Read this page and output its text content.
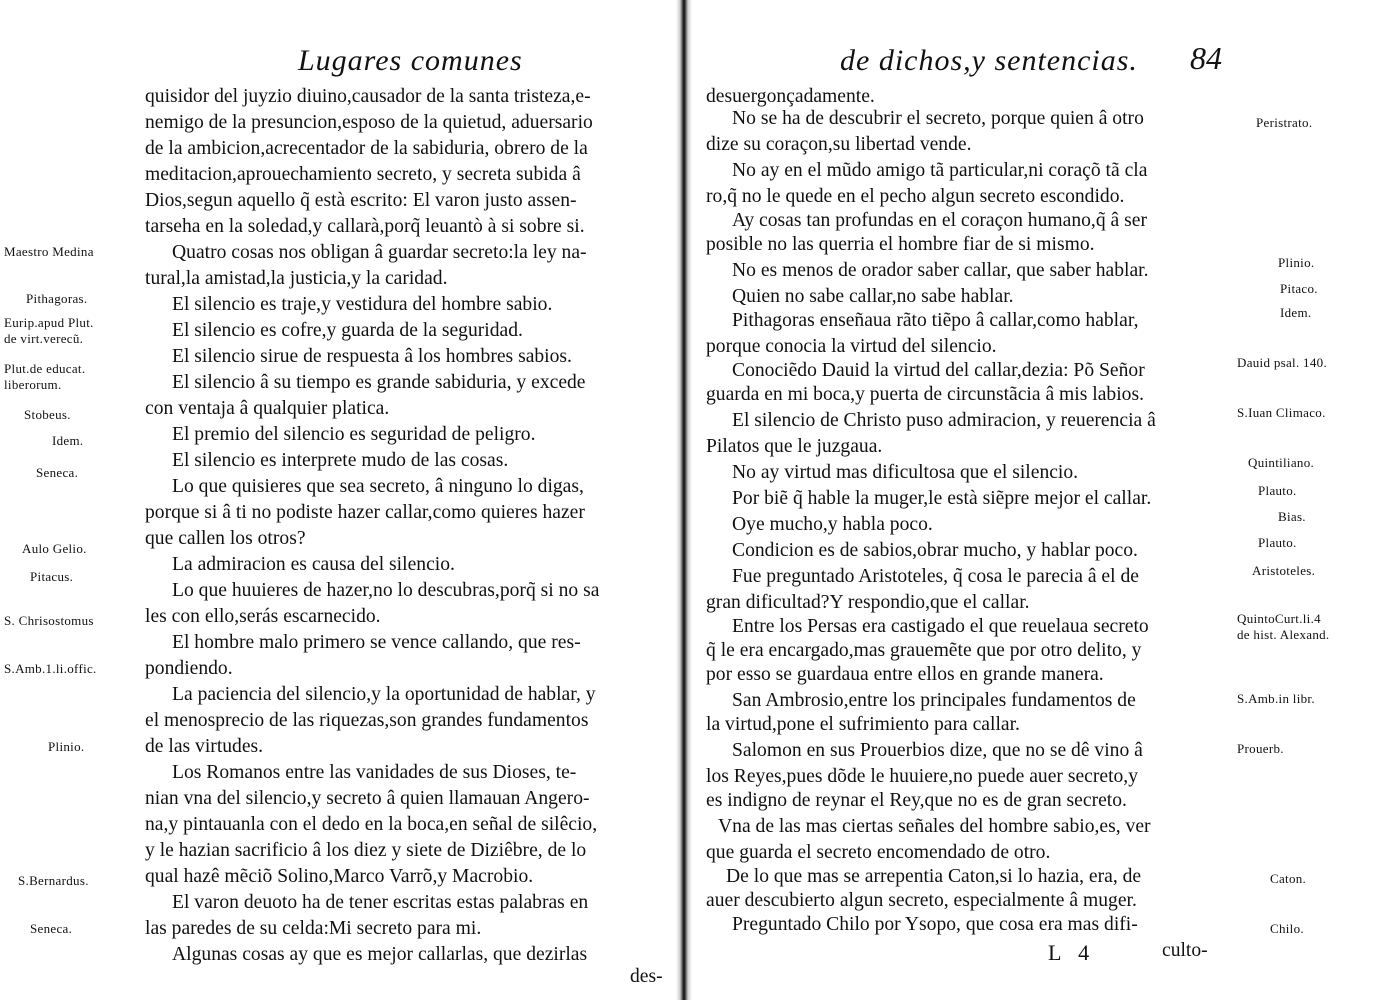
Lugares comunes
quisidor del juyzio diuino,causador de la santa tristeza,e-
nemigo de la presuncion,esposo de la quietud, aduersario
de la ambicion,acrecentador de la sabiduria, obrero de la
meditacion,aprouechamiento secreto, y secreta subida â
Dios,segun aquello q̃ està escrito: El varon justo assen-
tarseha en la soledad,y callarà,porq̃ leuantò à si sobre si.
Quatro cosas nos obligan â guardar secreto:la ley na-
tural,la amistad,la justicia,y la caridad.
El silencio es traje,y vestidura del hombre sabio.
El silencio es cofre,y guarda de la seguridad.
El silencio sirue de respuesta â los hombres sabios.
El silencio â su tiempo es grande sabiduria, y excede
con ventaja â qualquier platica.
El premio del silencio es seguridad de peligro.
El silencio es interprete mudo de las cosas.
Lo que quisieres que sea secreto, â ninguno lo digas,
porque si â ti no podiste hazer callar,como quieres hazer
que callen los otros?
La admiracion es causa del silencio.
Lo que huuieres de hazer,no lo descubras,porq̃ si no sa
les con ello,serás escarnecido.
El hombre malo primero se vence callando, que res-
pondiendo.
La paciencia del silencio,y la oportunidad de hablar, y
el menosprecio de las riquezas,son grandes fundamentos
de las virtudes.
Los Romanos entre las vanidades de sus Dioses, te-
nian vna del silencio,y secreto â quien llamauan Angero-
na,y pintauanla con el dedo en la boca,en señal de silêcio,
y le hazian sacrificio â los diez y siete de Diziêbre, de lo
qual hazê mẽciõ Solino,Marco Varrõ,y Macrobio.
El varon deuoto ha de tener escritas estas palabras en
las paredes de su celda:Mi secreto para mi.
Algunas cosas ay que es mejor callarlas, que dezirlas
des-
Maestro Medina
Pithagoras.
Eurip.apud Plut.
de virt.verecũ.
Plut.de educat.
liberorum.
Stobeus.
Idem.
Seneca.
Aulo Gelio.
Pitacus.
S. Chrisostomus
S.Amb.1.li.offic.
Plinio.
S.Bernardus.
Seneca.
de dichos,y sentencias. 84
desuergonçadamente.
No se ha de descubrir el secreto, porque quien â otro
dize su coraçon,su libertad vende.
No ay en el mũdo amigo tã particular,ni coraçõ tã cla
ro,q̃ no le quede en el pecho algun secreto escondido.
Ay cosas tan profundas en el coraçon humano,q̃ â ser
posible no las querria el hombre fiar de si mismo.
No es menos de orador saber callar, que saber hablar.
Quien no sabe callar,no sabe hablar.
Pithagoras enseñaua rãto tiẽpo â callar,como hablar,
porque conocia la virtud del silencio.
Conociẽdo Dauid la virtud del callar,dezia: Põ Señor
guarda en mi boca,y puerta de circunstãcia â mis labios.
El silencio de Christo puso admiracion, y reuerencia â
Pilatos que le juzgaua.
No ay virtud mas dificultosa que el silencio.
Por biẽ q̃ hable la muger,le està siẽpre mejor el callar.
Oye mucho,y habla poco.
Condicion es de sabios,obrar mucho, y hablar poco.
Fue preguntado Aristoteles, q̃ cosa le parecia â el de
gran dificultad?Y respondio,que el callar.
Entre los Persas era castigado el que reuelaua secreto
q̃ le era encargado,mas grauemẽte que por otro delito, y
por esso se guardaua entre ellos en grande manera.
San Ambrosio,entre los principales fundamentos de
la virtud,pone el sufrimiento para callar.
Salomon en sus Prouerbios dize, que no se dê vino â
los Reyes,pues dõde le huuiere,no puede auer secreto,y
es indigno de reynar el Rey,que no es de gran secreto.
Vna de las mas ciertas señales del hombre sabio,es, ver
que guarda el secreto encomendado de otro.
De lo que mas se arrepentia Caton,si lo hazia, era, de
auer descubierto algun secreto, especialmente â muger.
Preguntado Chilo por Ysopo, que cosa era mas difi-
L 4	culto-
Peristrato.
Plinio.
Pitaco.
Idem.
Dauid psal. 140.
S.Iuan Climaco.
Quintiliano.
Plauto.
Bias.
Plauto.
Aristoteles.
QuintoCurt.li.4
de hist. Alexand.
S.Amb.in libr.
Prouerb.
Caton.
Chilo.
